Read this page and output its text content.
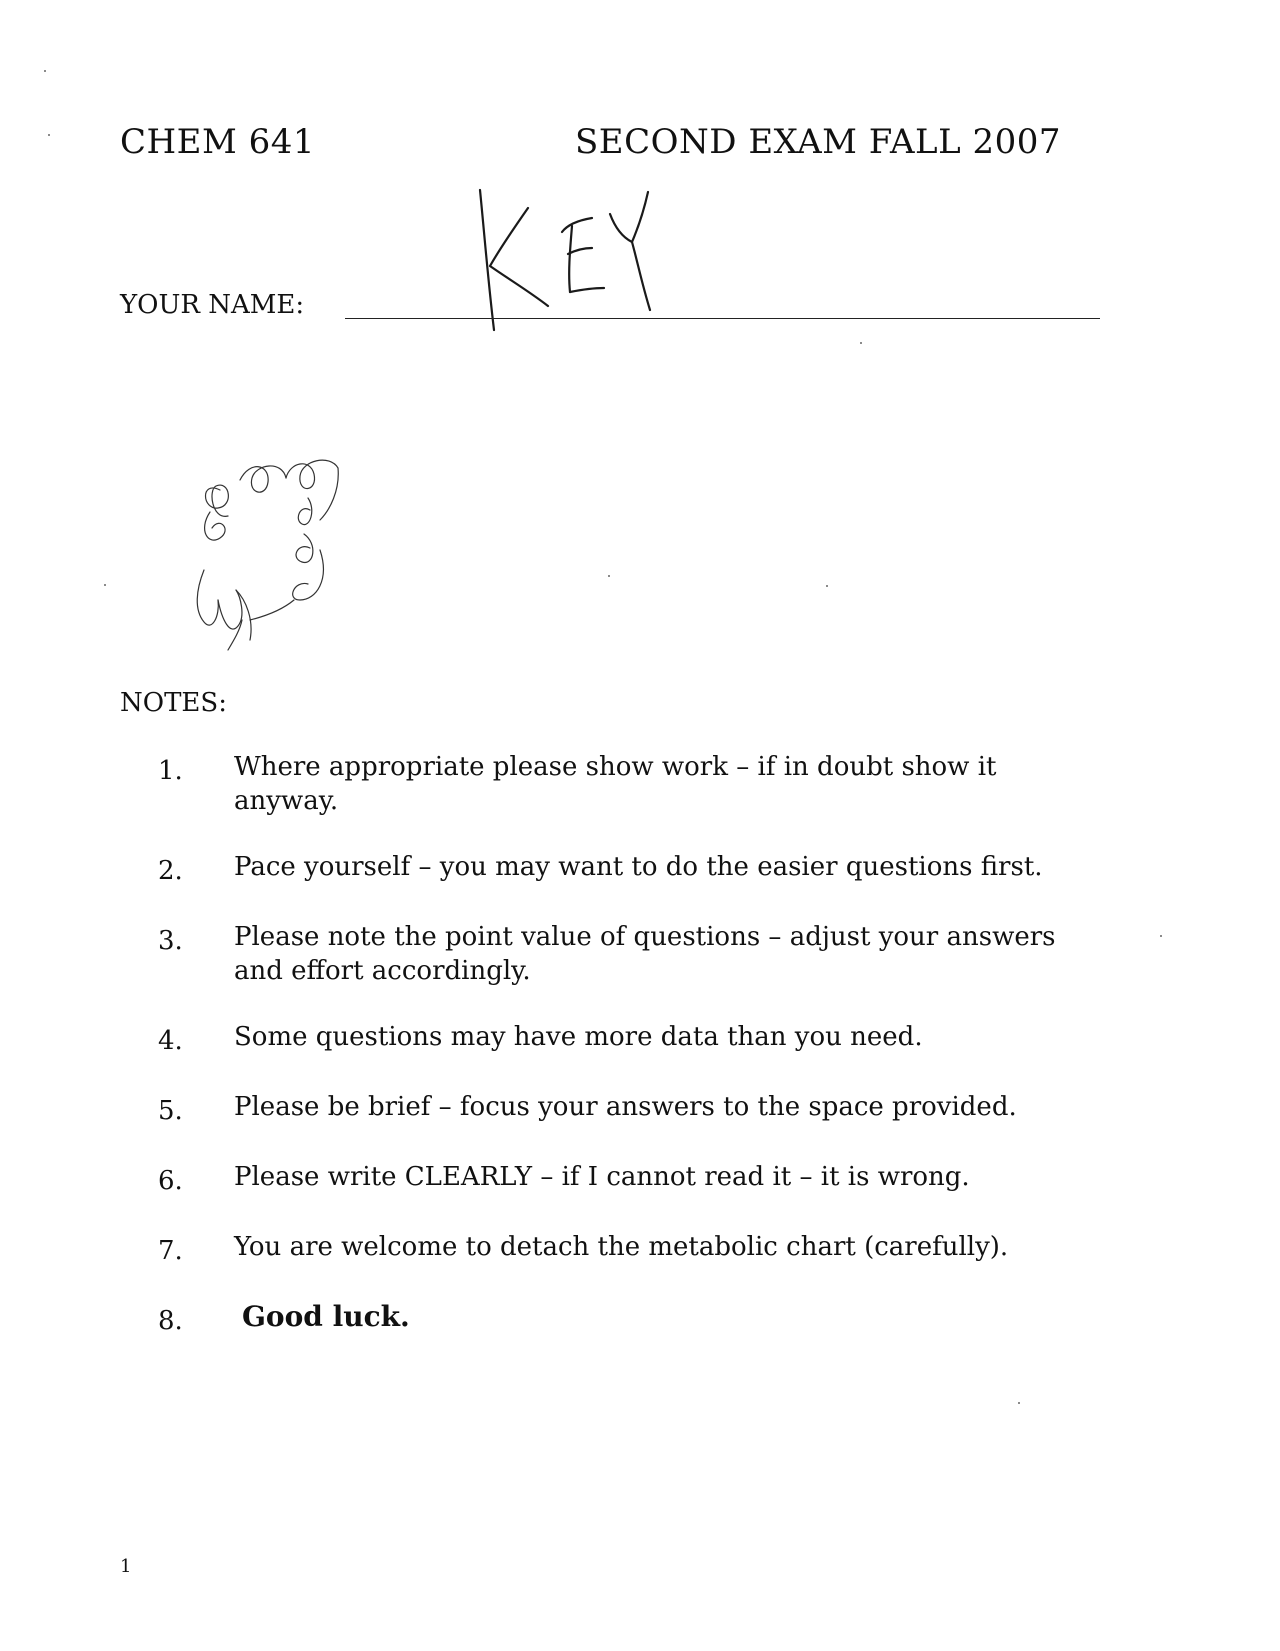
CHEM 641	SECOND EXAM FALL 2007
YOUR NAME:
NOTES:
1.	Where appropriate please show work – if in doubt show it anyway.
2.	Pace yourself – you may want to do the easier questions first.
3.	Please note the point value of questions – adjust your answers and effort accordingly.
4.	Some questions may have more data than you need.
5.	Please be brief – focus your answers to the space provided.
6.	Please write CLEARLY – if I cannot read it – it is wrong.
7.	You are welcome to detach the metabolic chart (carefully).
8.	Good luck.
1
